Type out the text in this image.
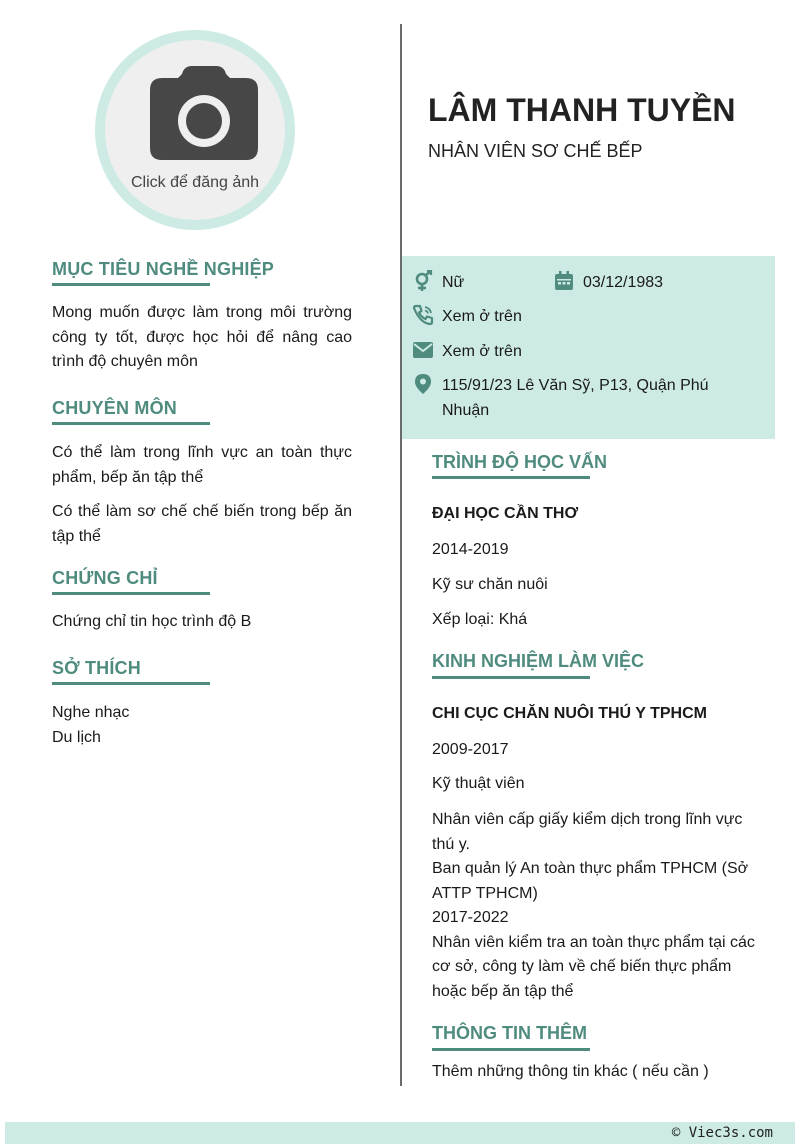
Click để đăng ảnh
MỤC TIÊU NGHỀ NGHIỆP
Mong muốn được làm trong môi trường công ty tốt, được học hỏi để nâng cao trình độ chuyên môn
CHUYÊN MÔN
Có thể làm trong lĩnh vực an toàn thực phẩm, bếp ăn tập thể
Có thể làm sơ chế chế biến trong bếp ăn tập thể
CHỨNG CHỈ
Chứng chỉ tin học trình độ B
SỞ THÍCH
Nghe nhạc
Du lịch
LÂM THANH TUYỀN
NHÂN VIÊN SƠ CHẾ BẾP
Nữ	03/12/1983
Xem ở trên
Xem ở trên
115/91/23 Lê Văn Sỹ, P13, Quận Phú
Nhuận
TRÌNH ĐỘ HỌC VẤN
ĐẠI HỌC CẦN THƠ
2014-2019
Kỹ sư chăn nuôi
Xếp loại: Khá
KINH NGHIỆM LÀM VIỆC
CHI CỤC CHĂN NUÔI THÚ Y TPHCM
2009-2017
Kỹ thuật viên
Nhân viên cấp giấy kiểm dịch trong lĩnh vực thú y.
Ban quản lý An toàn thực phẩm TPHCM (Sở ATTP TPHCM)
2017-2022
Nhân viên kiểm tra an toàn thực phẩm tại các cơ sở, công ty làm về chế biến thực phẩm hoặc bếp ăn tập thể
THÔNG TIN THÊM
Thêm những thông tin khác ( nếu cần )
© Viec3s.com
